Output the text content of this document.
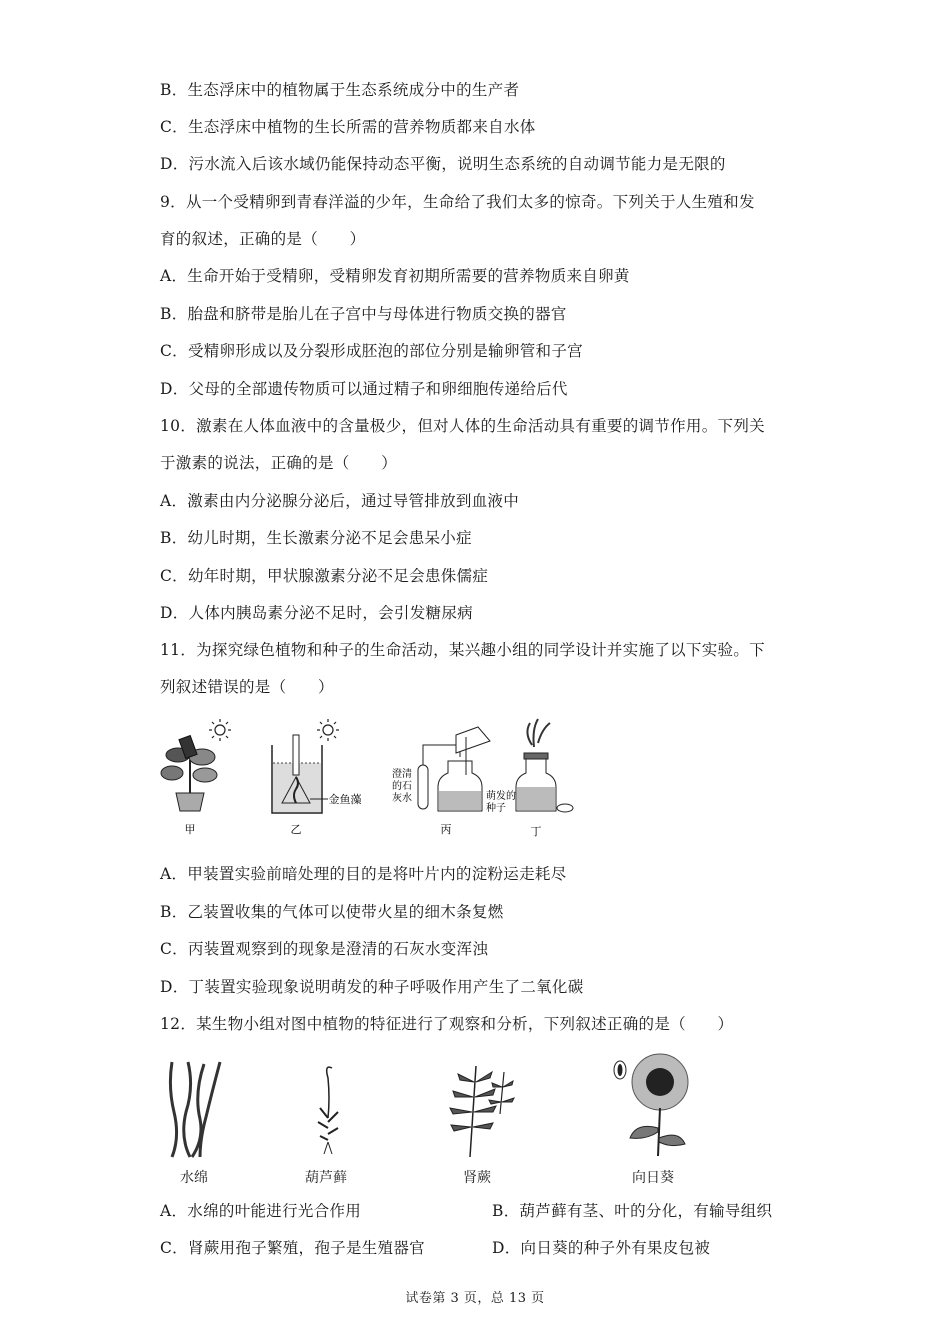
B．生态浮床中的植物属于生态系统成分中的生产者
C．生态浮床中植物的生长所需的营养物质都来自水体
D．污水流入后该水域仍能保持动态平衡，说明生态系统的自动调节能力是无限的
9．从一个受精卵到青春洋溢的少年，生命给了我们太多的惊奇。下列关于人生殖和发
育的叙述，正确的是（　　）
A．生命开始于受精卵，受精卵发育初期所需要的营养物质来自卵黄
B．胎盘和脐带是胎儿在子宫中与母体进行物质交换的器官
C．受精卵形成以及分裂形成胚泡的部位分别是输卵管和子宫
D．父母的全部遗传物质可以通过精子和卵细胞传递给后代
10．激素在人体血液中的含量极少，但对人体的生命活动具有重要的调节作用。下列关
于激素的说法，正确的是（　　）
A．激素由内分泌腺分泌后，通过导管排放到血液中
B．幼儿时期，生长激素分泌不足会患呆小症
C．幼年时期，甲状腺激素分泌不足会患侏儒症
D．人体内胰岛素分泌不足时，会引发糖尿病
11．为探究绿色植物和种子的生命活动，某兴趣小组的同学设计并实施了以下实验。下
列叙述错误的是（　　）
甲
金鱼藻
乙
澄清
的石
灰水	萌发的
种子
丙	丁
A．甲装置实验前暗处理的目的是将叶片内的淀粉运走耗尽
B．乙装置收集的气体可以使带火星的细木条复燃
C．丙装置观察到的现象是澄清的石灰水变浑浊
D．丁装置实验现象说明萌发的种子呼吸作用产生了二氧化碳
12．某生物小组对图中植物的特征进行了观察和分析，下列叙述正确的是（　　）
水绵	葫芦藓	肾蕨	向日葵
A．水绵的叶能进行光合作用	B．葫芦藓有茎、叶的分化，有输导组织
C．肾蕨用孢子繁殖，孢子是生殖器官	D．向日葵的种子外有果皮包被
试卷第 3 页，总 13 页
